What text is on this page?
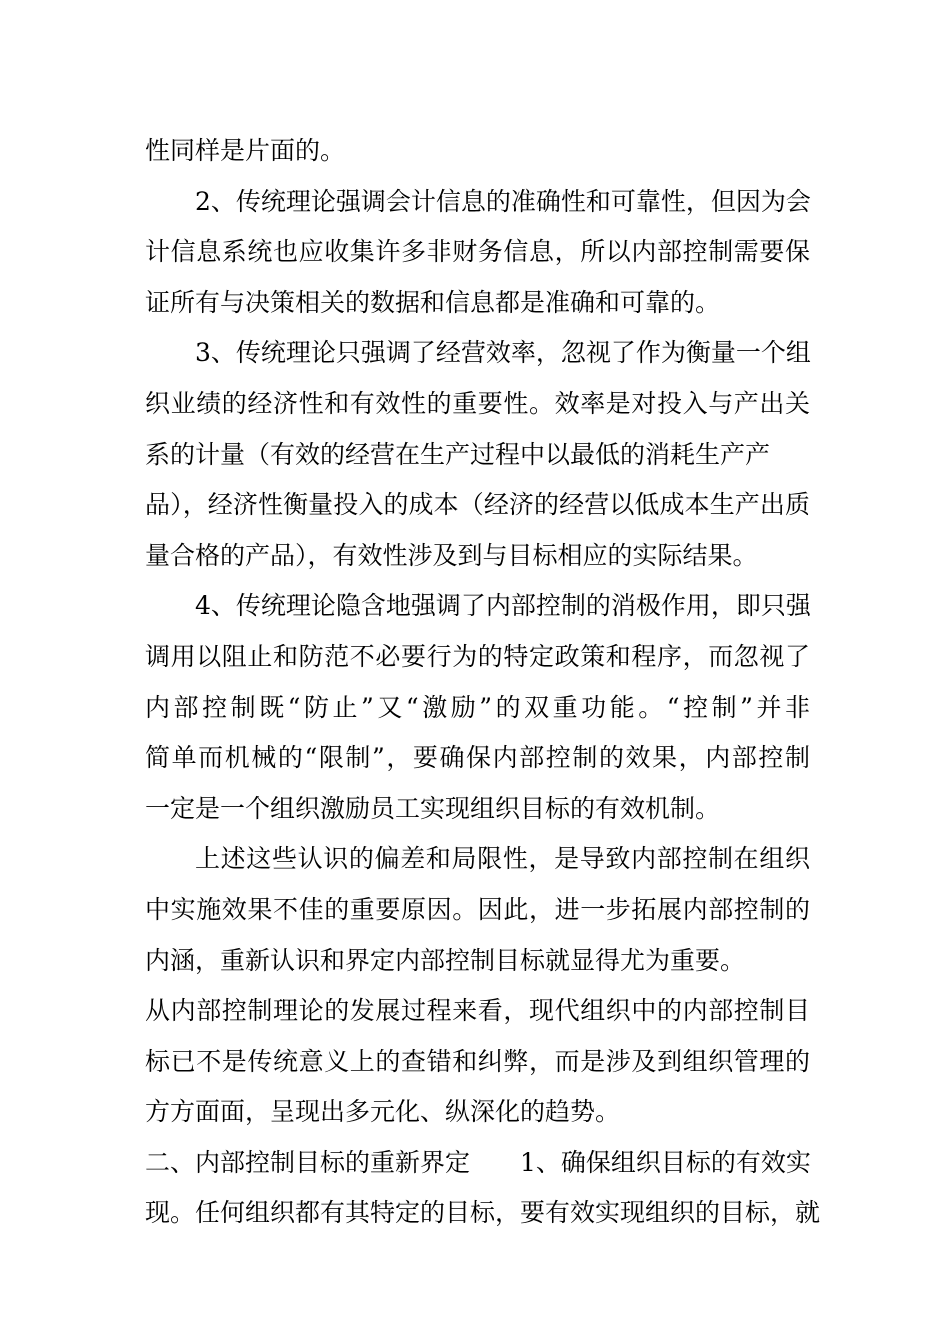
性同样是片面的。
2、传统理论强调会计信息的准确性和可靠性，但因为会
计信息系统也应收集许多非财务信息，所以内部控制需要保
证所有与决策相关的数据和信息都是准确和可靠的。
3、传统理论只强调了经营效率，忽视了作为衡量一个组
织业绩的经济性和有效性的重要性。效率是对投入与产出关
系的计量（有效的经营在生产过程中以最低的消耗生产产
品），经济性衡量投入的成本（经济的经营以低成本生产出质
量合格的产品），有效性涉及到与目标相应的实际结果。
4、传统理论隐含地强调了内部控制的消极作用，即只强
调用以阻止和防范不必要行为的特定政策和程序，而忽视了
内部控制既“防止”又“激励”的双重功能。“控制”并非
简单而机械的“限制”，要确保内部控制的效果，内部控制
一定是一个组织激励员工实现组织目标的有效机制。
上述这些认识的偏差和局限性，是导致内部控制在组织
中实施效果不佳的重要原因。因此，进一步拓展内部控制的
内涵，重新认识和界定内部控制目标就显得尤为重要。
从内部控制理论的发展过程来看，现代组织中的内部控制目
标已不是传统意义上的查错和纠弊，而是涉及到组织管理的
方方面面，呈现出多元化、纵深化的趋势。
二、内部控制目标的重新界定　　1、确保组织目标的有效实
现。任何组织都有其特定的目标，要有效实现组织的目标，就
